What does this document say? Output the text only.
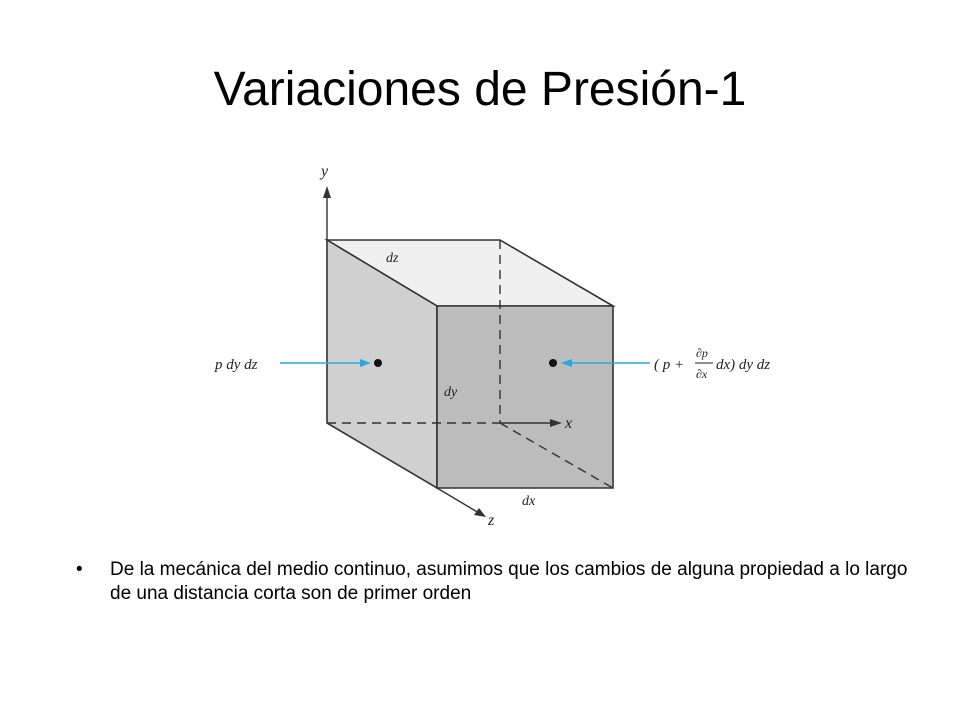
Variaciones de Presión-1
y
x
z
dz
dy
dx
p dy dz	( p +
∂p
∂x
dx) dy dz
• De la mecánica del medio continuo, asumimos que los cambios de alguna propiedad a lo largo de una distancia corta son de primer orden
